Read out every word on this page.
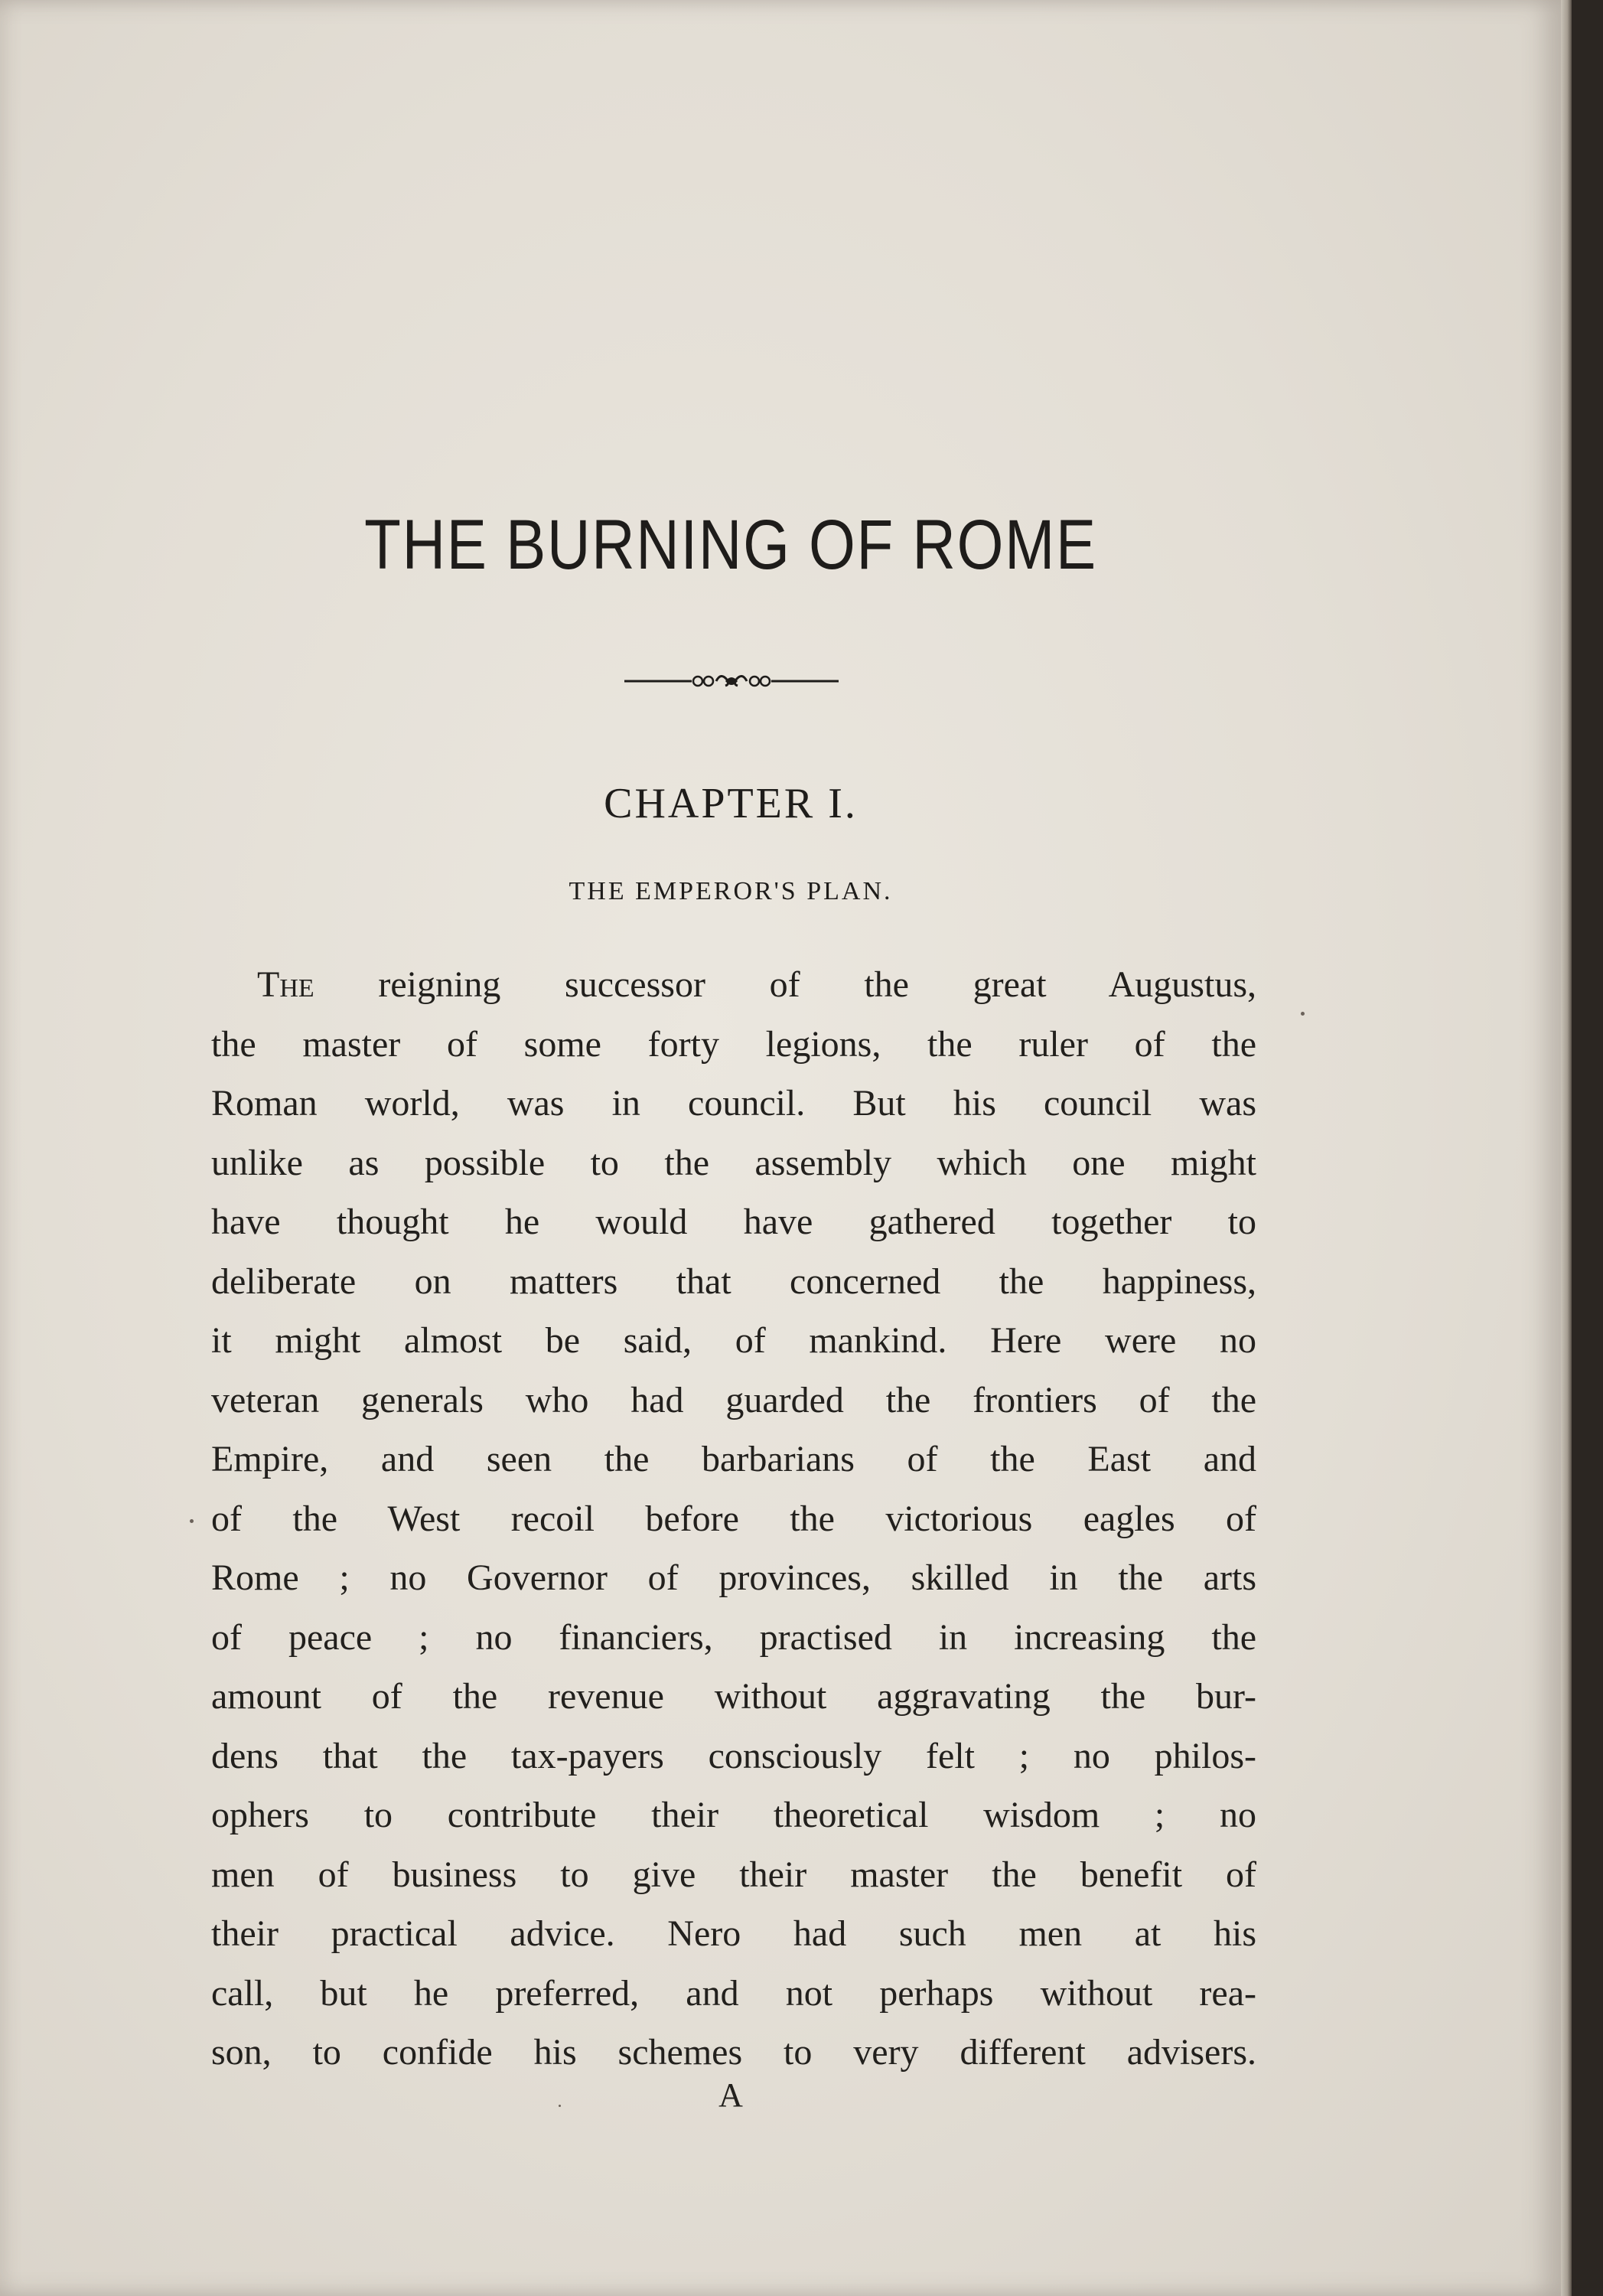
THE BURNING OF ROME
CHAPTER I.
THE EMPEROR'S PLAN.
The reigning successor of the great Augustus,
the master of some forty legions, the ruler of the
Roman world, was in council. But his council was
unlike as possible to the assembly which one might
have thought he would have gathered together to
deliberate on matters that concerned the happiness,
it might almost be said, of mankind. Here were no
veteran generals who had guarded the frontiers of the
Empire, and seen the barbarians of the East and
of the West recoil before the victorious eagles of
Rome ; no Governor of provinces, skilled in the arts
of peace ; no financiers, practised in increasing the
amount of the revenue without aggravating the bur-
dens that the tax-payers consciously felt ; no philos-
ophers to contribute their theoretical wisdom ; no
men of business to give their master the benefit of
their practical advice. Nero had such men at his
call, but he preferred, and not perhaps without rea-
son, to confide his schemes to very different advisers.
A
